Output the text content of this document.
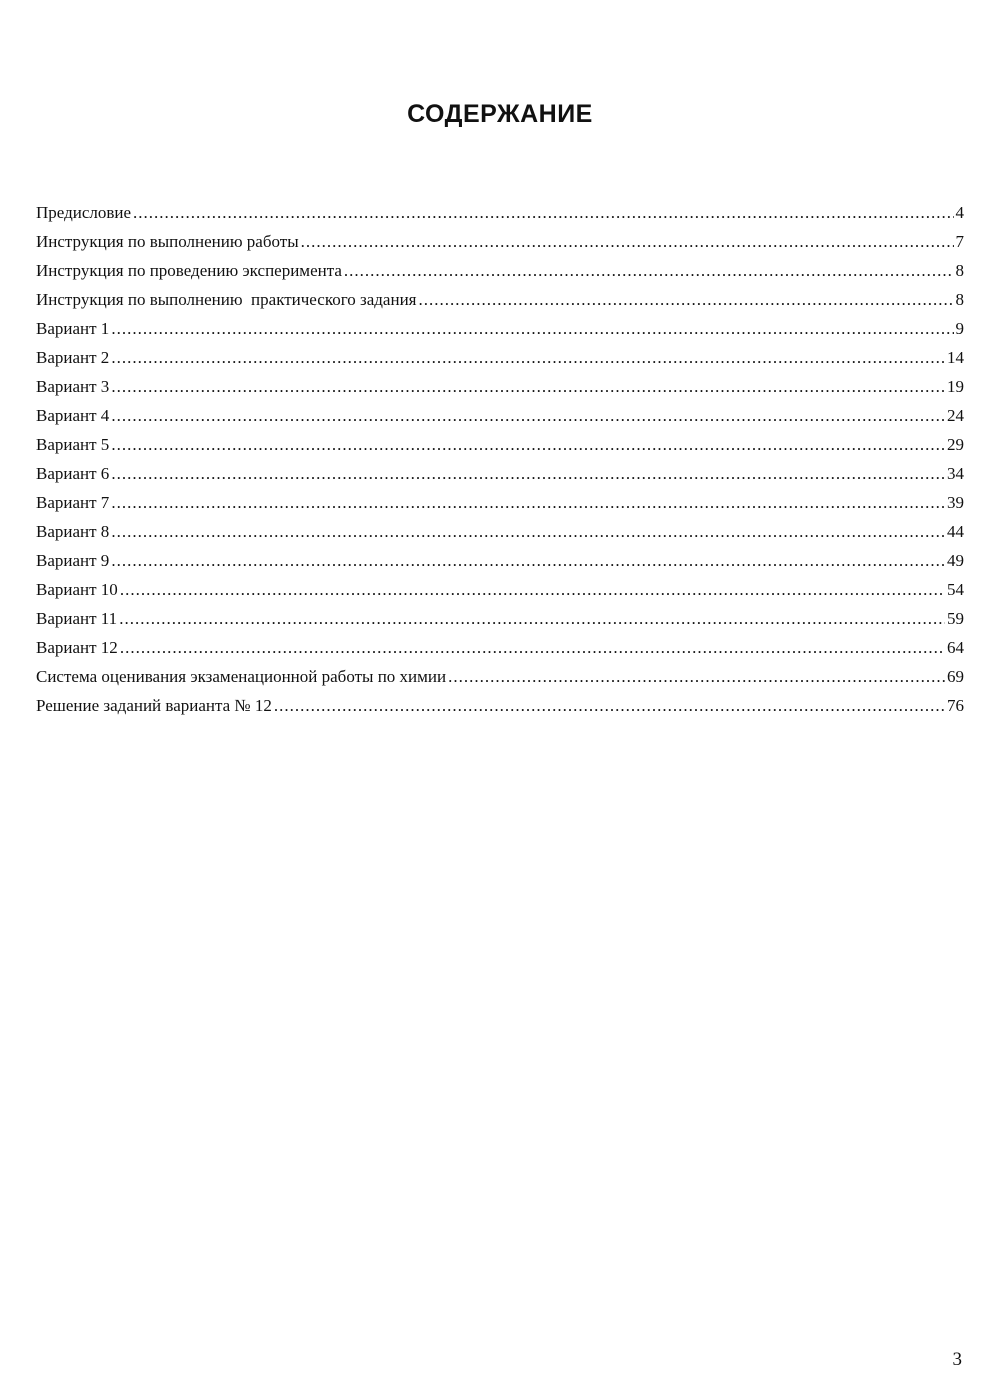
СОДЕРЖАНИЕ
Предисловие .....	4
Инструкция по выполнению работы .....	7
Инструкция по проведению эксперимента .....	8
Инструкция по выполнению  практического задания .....	8
Вариант 1 .....	9
Вариант 2 .....	14
Вариант 3 .....	19
Вариант 4 .....	24
Вариант 5 .....	29
Вариант 6 .....	34
Вариант 7 .....	39
Вариант 8 .....	44
Вариант 9 .....	49
Вариант 10 .....	54
Вариант 11 .....	59
Вариант 12 .....	64
Система оценивания экзаменационной работы по химии .....	69
Решение заданий варианта № 12 .....	76
3
